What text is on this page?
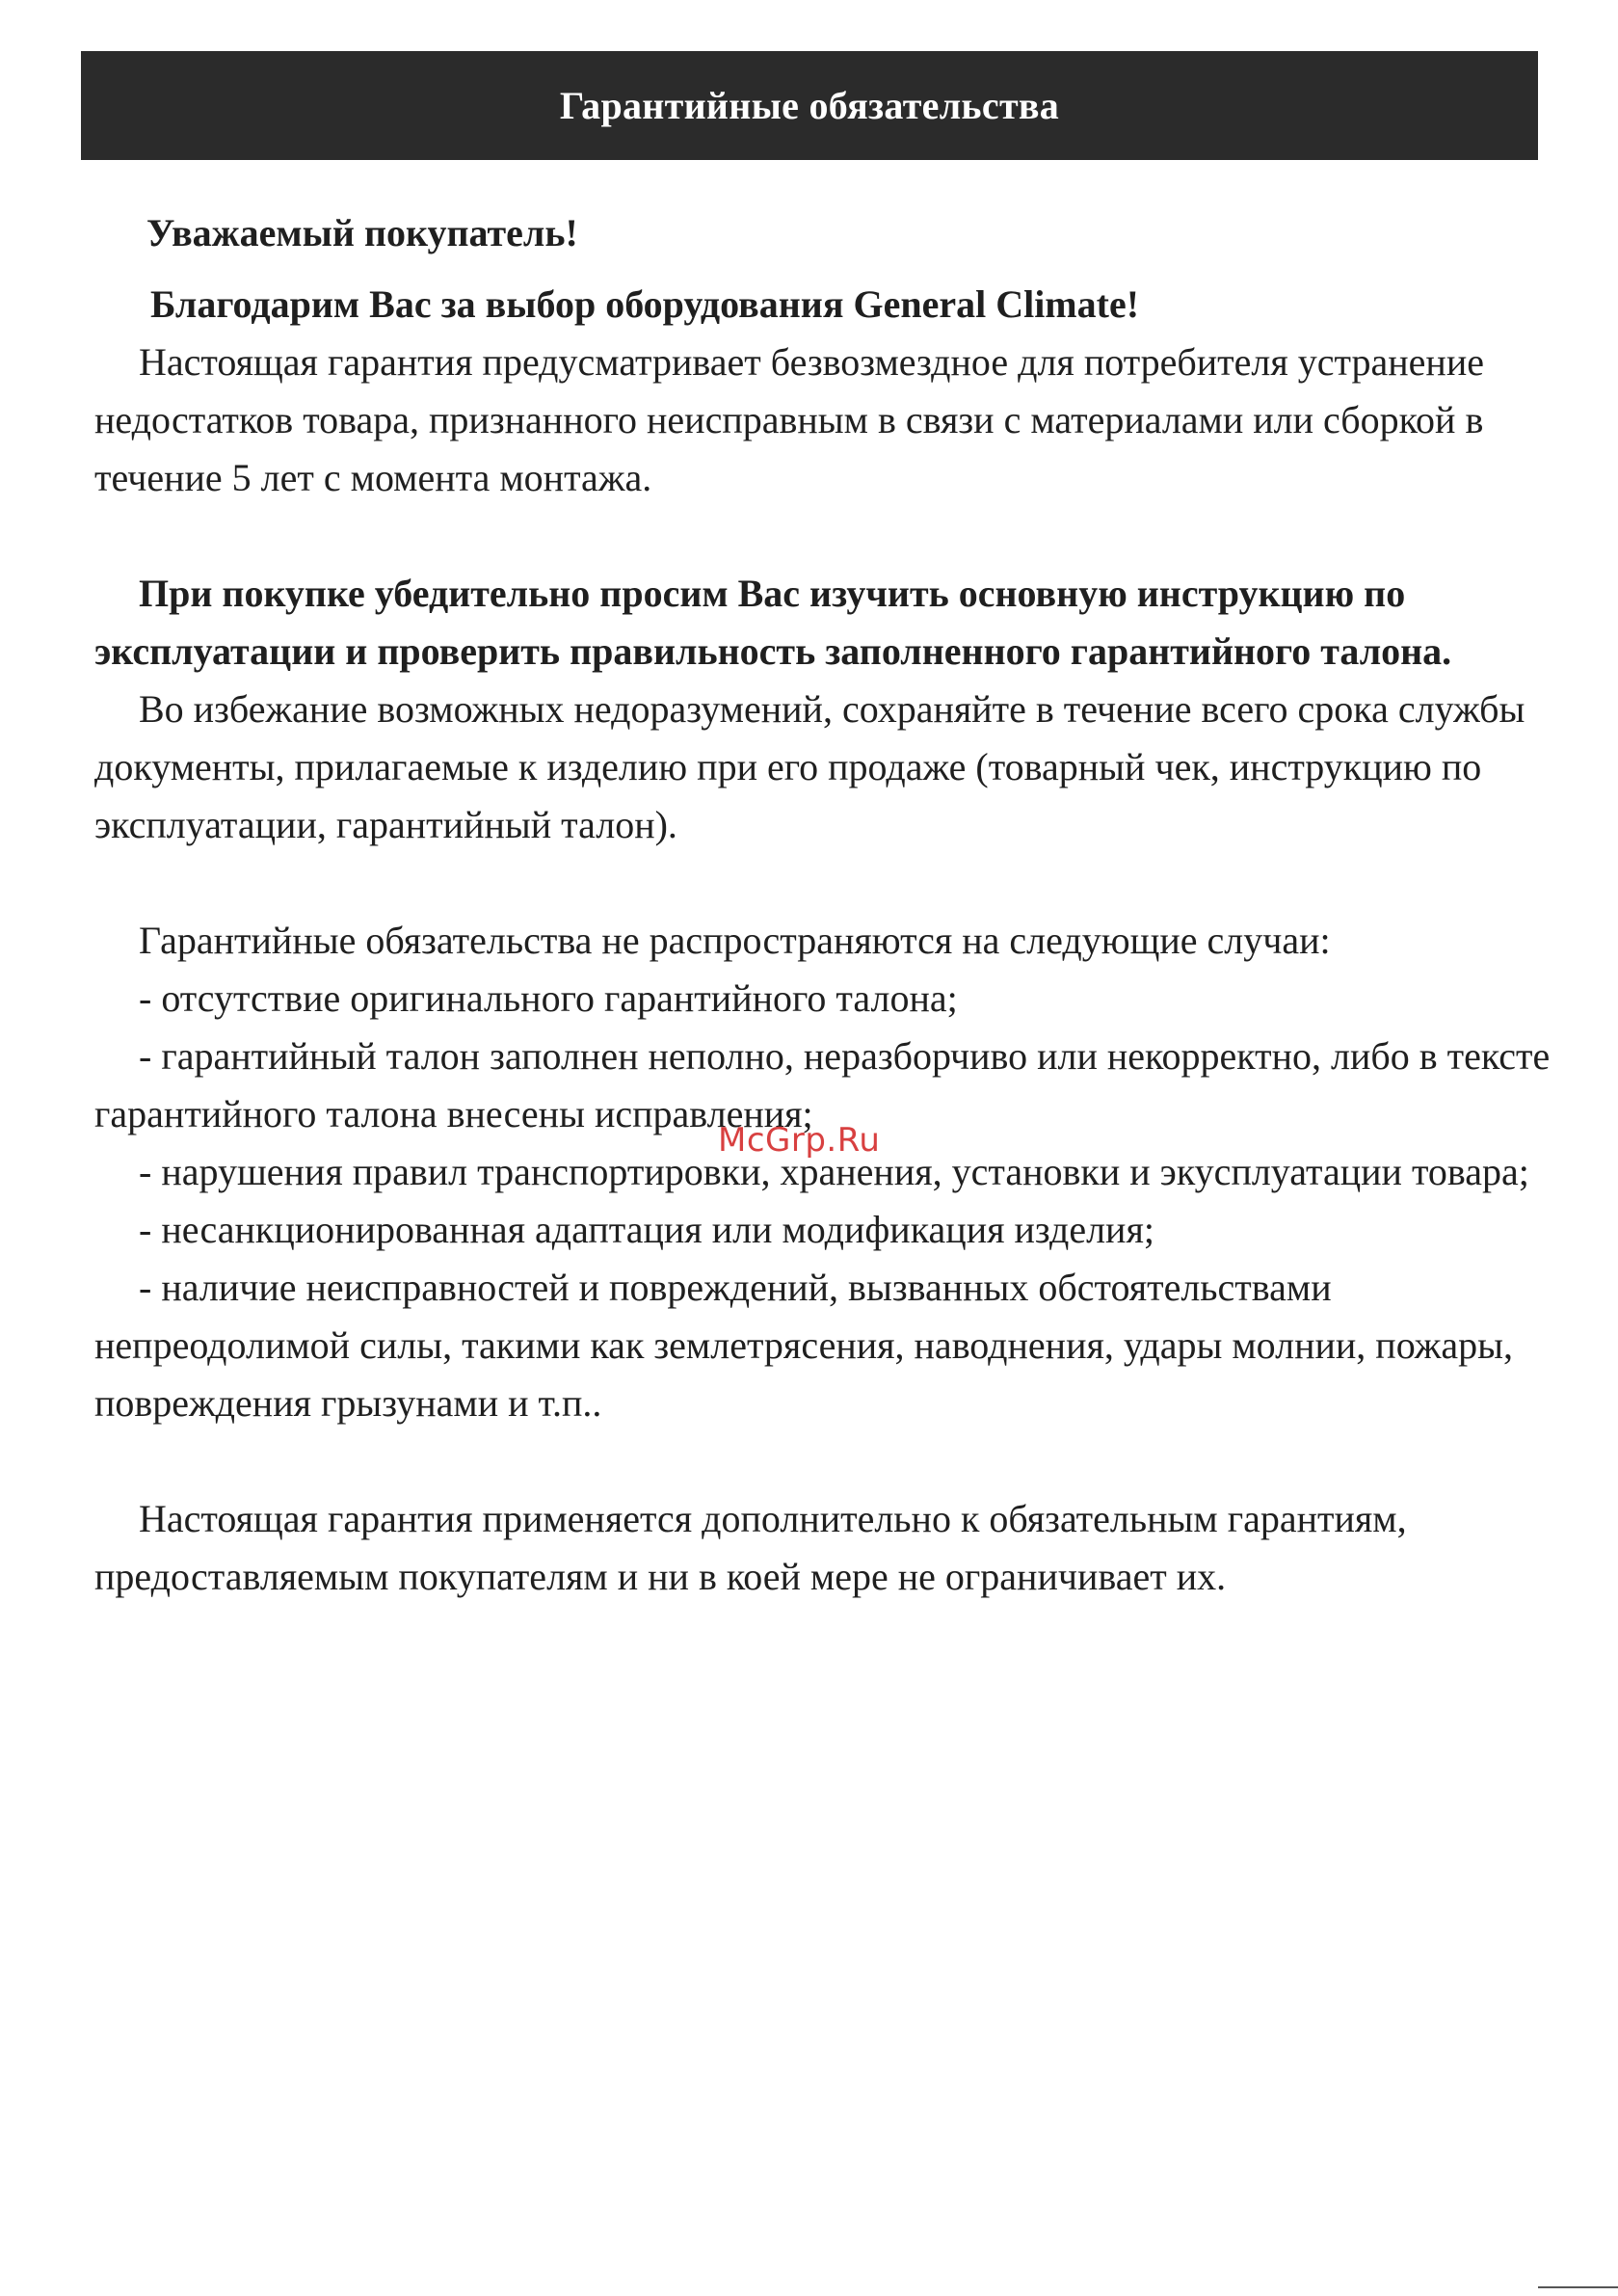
Гарантийные обязательства

Уважаемый покупатель!

Благодарим Вас за выбор оборудования General Climate!

Настоящая гарантия предусматривает безвозмездное для потребителя устранение недостатков товара, признанного неисправным в связи с материалами или сборкой в течение 5 лет с момента монтажа.

При покупке убедительно просим Вас изучить основную инструкцию по эксплуатации и проверить правильность заполненного гарантийного талона.

Во избежание возможных недоразумений, сохраняйте в течение всего срока службы документы, прилагаемые к изделию при его продаже (товарный чек, инструкцию по эксплуатации, гарантийный талон).

Гарантийные обязательства не распространяются на следующие случаи:

- отсутствие оригинального гарантийного талона;

- гарантийный талон заполнен неполно, неразборчиво или некорректно, либо в тексте гарантийного талона внесены исправления;

- нарушения правил транспортировки, хранения, установки и экусплуатации товара;

- несанкционированная адаптация или модификация изделия;

- наличие неисправностей и повреждений, вызванных обстоятельствами непреодолимой силы, такими как землетрясения, наводнения, удары молнии, пожары, повреждения грызунами и т.п..

Настоящая гарантия применяется дополнительно к обязательным гарантиям, предоставляемым покупателям и ни в коей мере не ограничивает их.

McGrp.Ru
